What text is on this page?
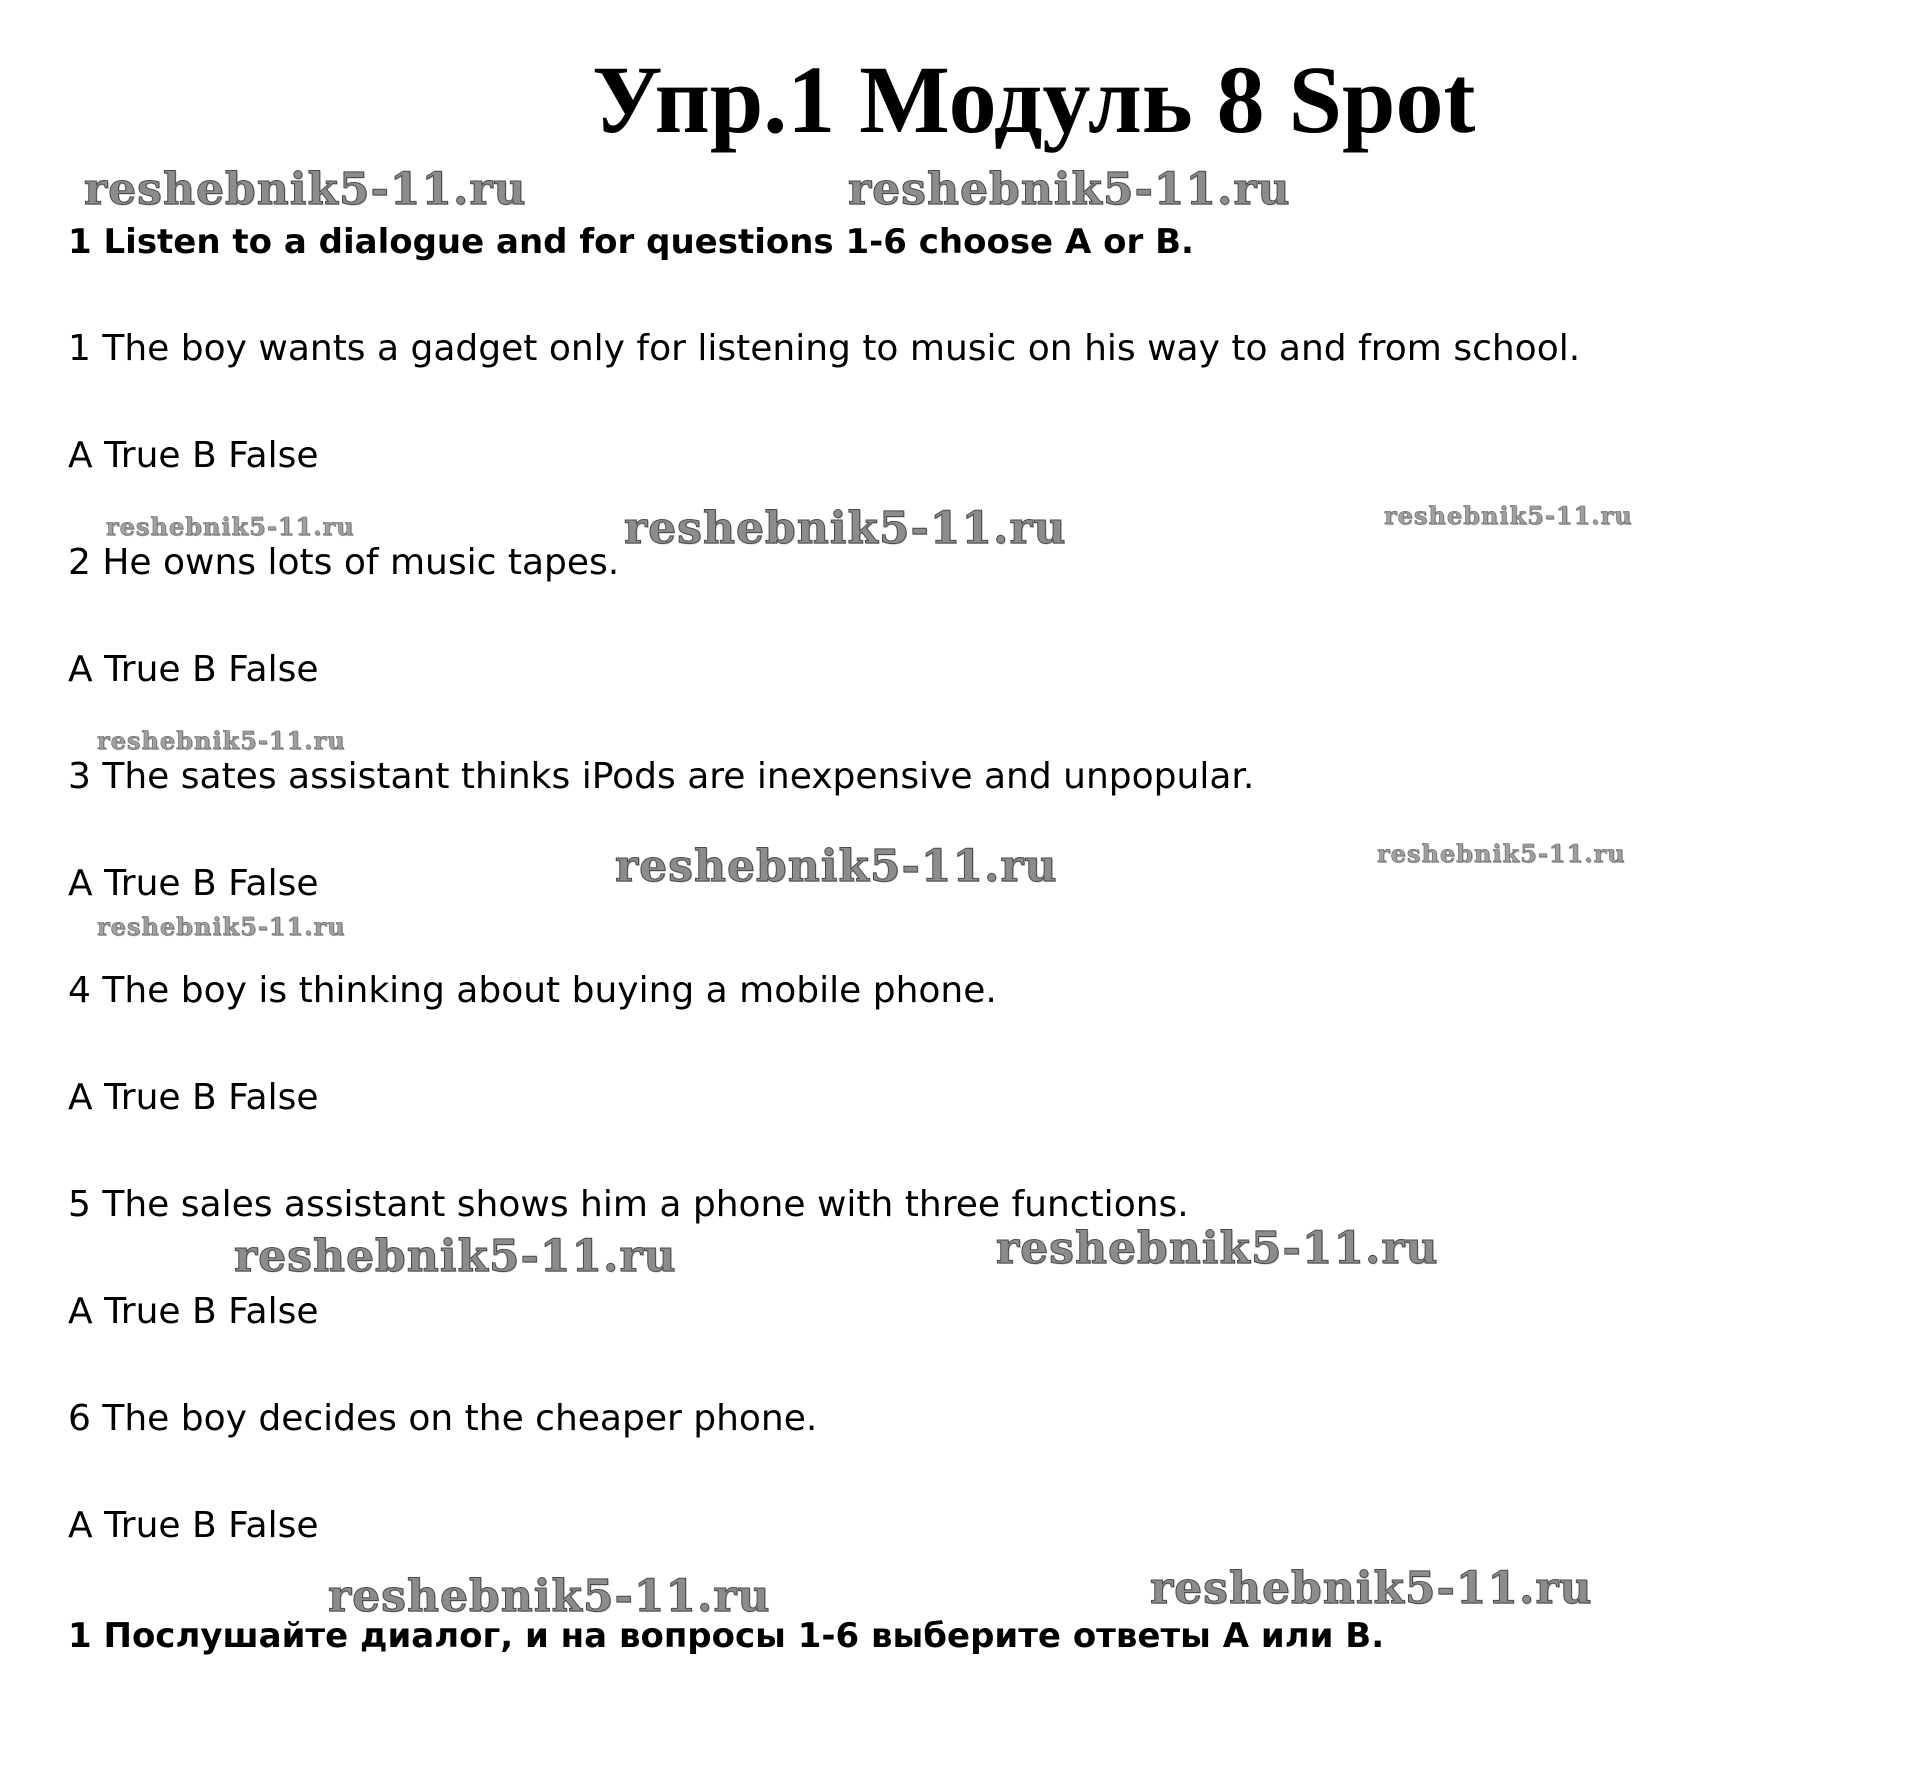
Упр.1 Модуль 8 Spot
reshebnik5-11.ru	reshebnik5-11.ru
reshebnik5-11.ru	reshebnik5-11.ru	reshebnik5-11.ru
reshebnik5-11.ru
reshebnik5-11.ru	reshebnik5-11.ru
reshebnik5-11.ru
reshebnik5-11.ru	reshebnik5-11.ru
reshebnik5-11.ru	reshebnik5-11.ru

1 Listen to a dialogue and for questions 1-6 choose A or B.

1 The boy wants a gadget only for listening to music on his way to and from school.

A True B False

2 He owns lots of music tapes.

A True B False

3 The sates assistant thinks iPods are inexpensive and unpopular.

A True B False

4 The boy is thinking about buying a mobile phone.

A True B False

5 The sales assistant shows him a phone with three functions.

A True B False

6 The boy decides on the cheaper phone.

A True B False

1 Послушайте диалог, и на вопросы 1-6 выберите ответы А или В.
